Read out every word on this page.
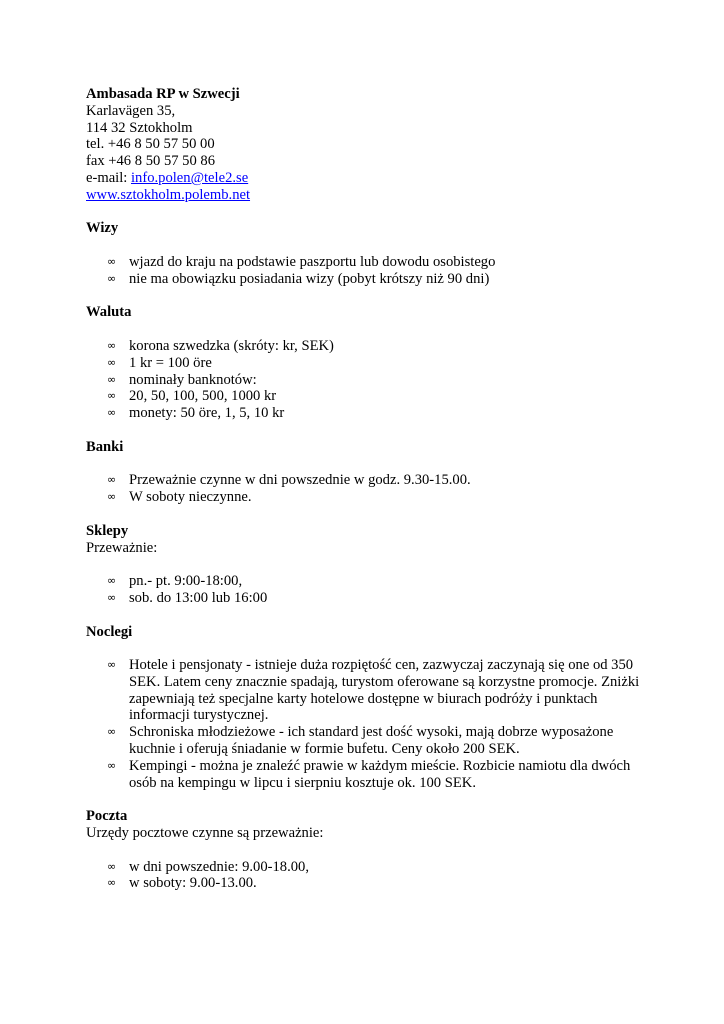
Ambasada RP w Szwecji
Karlavägen 35,
114 32 Sztokholm
tel. +46 8 50 57 50 00
fax +46 8 50 57 50 86
e-mail: info.polen@tele2.se
www.sztokholm.polemb.net
Wizy
∞ wjazd do kraju na podstawie paszportu lub dowodu osobistego
∞ nie ma obowiązku posiadania wizy (pobyt krótszy niż 90 dni)
Waluta
∞ korona szwedzka (skróty: kr, SEK)
∞ 1 kr = 100 öre
∞ nominały banknotów:
∞ 20, 50, 100, 500, 1000 kr
∞ monety: 50 öre, 1, 5, 10 kr
Banki
∞ Przeważnie czynne w dni powszednie w godz. 9.30-15.00.
∞ W soboty nieczynne.
Sklepy
Przeważnie:
∞ pn.- pt. 9:00-18:00,
∞ sob. do 13:00 lub 16:00
Noclegi
∞ Hotele i pensjonaty - istnieje duża rozpiętość cen, zazwyczaj zaczynają się one od 350 SEK. Latem ceny znacznie spadają, turystom oferowane są korzystne promocje. Zniżki zapewniają też specjalne karty hotelowe dostępne w biurach podróży i punktach informacji turystycznej.
∞ Schroniska młodzieżowe - ich standard jest dość wysoki, mają dobrze wyposażone kuchnie i oferują śniadanie w formie bufetu. Ceny około 200 SEK.
∞ Kempingi - można je znaleźć prawie w każdym mieście. Rozbicie namiotu dla dwóch osób na kempingu w lipcu i sierpniu kosztuje ok. 100 SEK.
Poczta
Urzędy pocztowe czynne są przeważnie:
∞ w dni powszednie: 9.00-18.00,
∞ w soboty: 9.00-13.00.
